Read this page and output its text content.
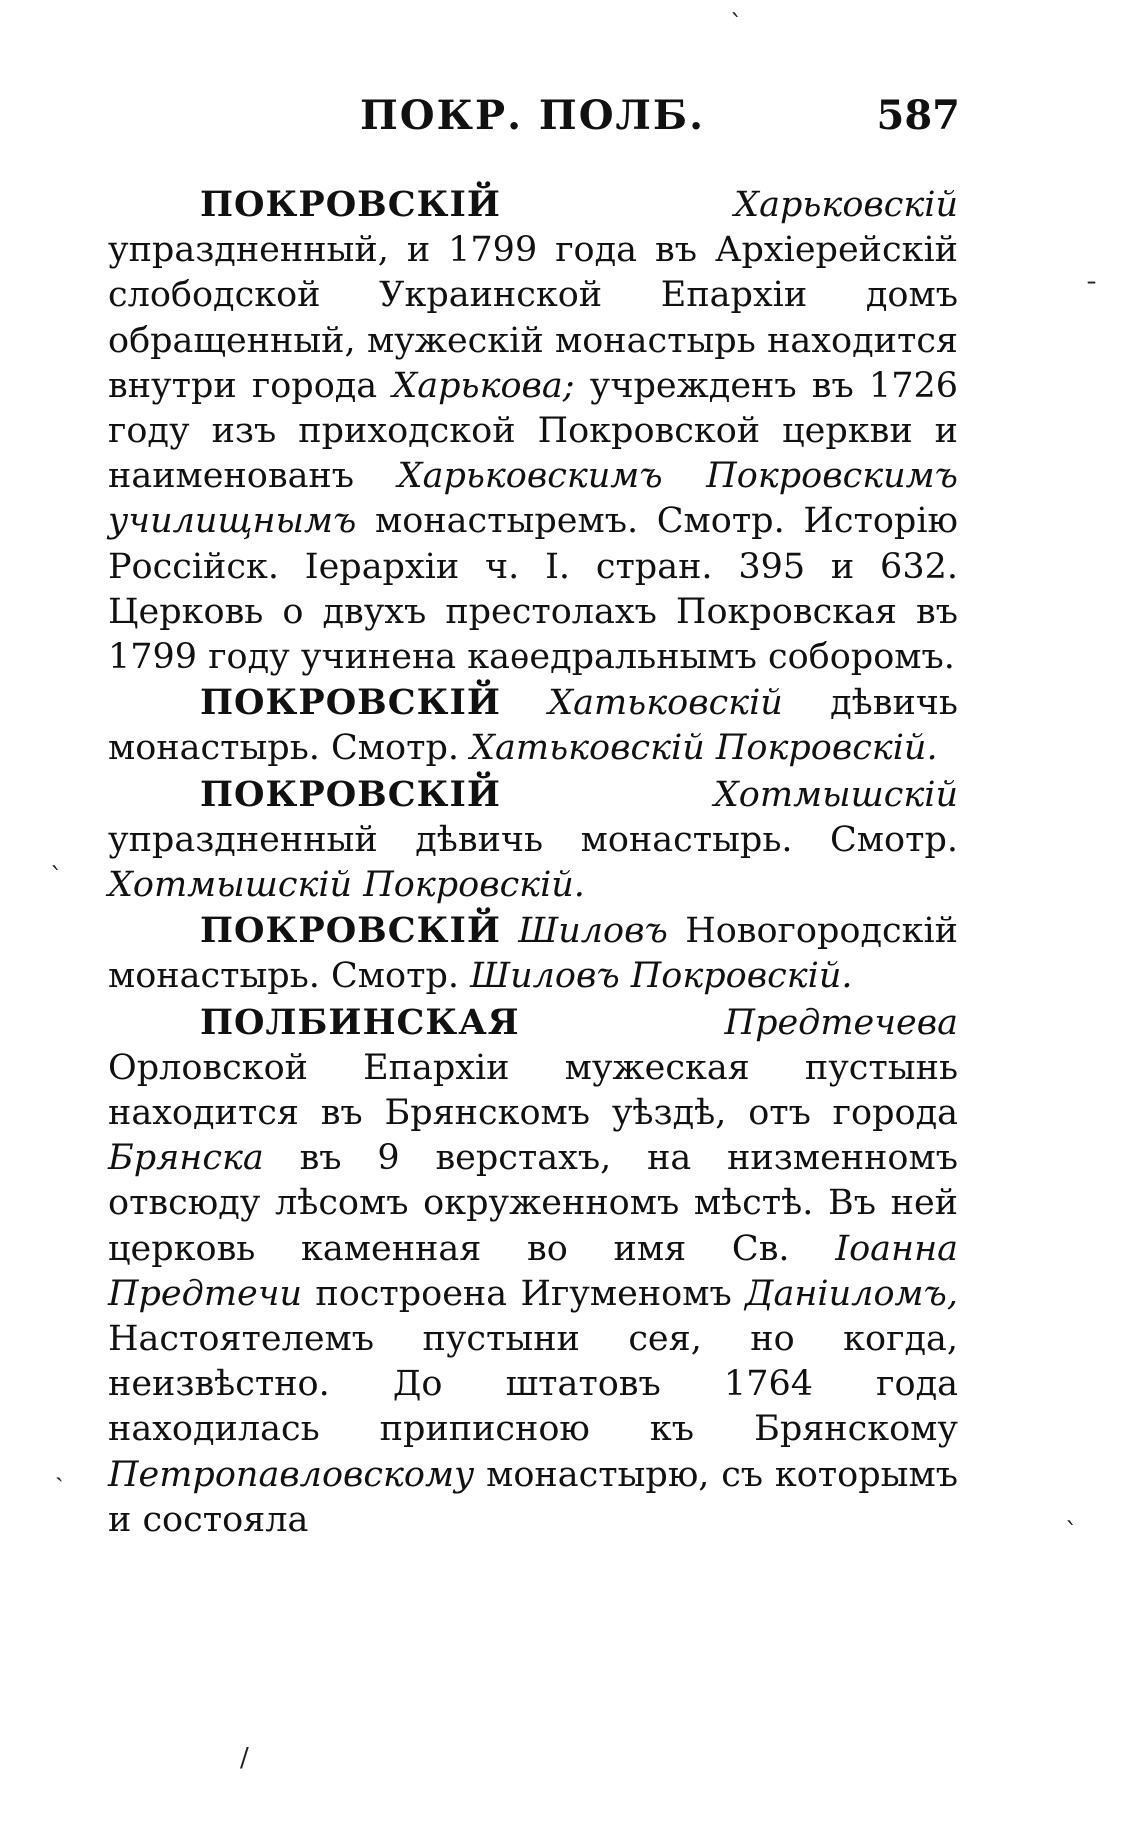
ПОКР. ПОЛБ.	587

ПОКРОВСКІЙ	Харьковскій упраздненный, и 1799 года въ Архіерейскій слободской Украинской Епархіи домъ обращенный, мужескій монастырь находится внутри города Харькова; учрежденъ въ 1726 году изъ приходской Покровской церкви и наименованъ Харьковскимъ Покровскимъ училищнымъ монастыремъ. Смотр. Исторію Россійск. Іерархіи ч. I. стран. 395 и 632. Церковь о двухъ престолахъ Покровская въ 1799 году учинена каѳедральнымъ соборомъ.

ПОКРОВСКІЙ Хатьковскій дѣвичь монастырь. Смотр. Хатьковскій Покровскій.

ПОКРОВСКІЙ	Хотмышскій упраздненный дѣвичь монастырь. Смотр. Хотмышскій Покровскій.

ПОКРОВСКІЙ Шиловъ Новогородскій монастырь. Смотр. Шиловъ Покровскій.

ПОЛБИНСКАЯ	Предтечева Орловской Епархіи мужеская пустынь находится въ Брянскомъ уѣздѣ, отъ города Брянска въ 9 верстахъ, на низменномъ отвсюду лѣсомъ окруженномъ мѣстѣ. Въ ней церковь каменная во имя Св. Іоанна Предтечи построена Игуменомъ Даніиломъ, Настоятелемъ пустыни сея, но когда, неизвѣстно. До штатовъ 1764 года находилась приписною къ Брянскому Петропавловскому монастырю, съ которымъ и состояла

ˋ
ˉ
ˋ
ˏ
/
ˋ
